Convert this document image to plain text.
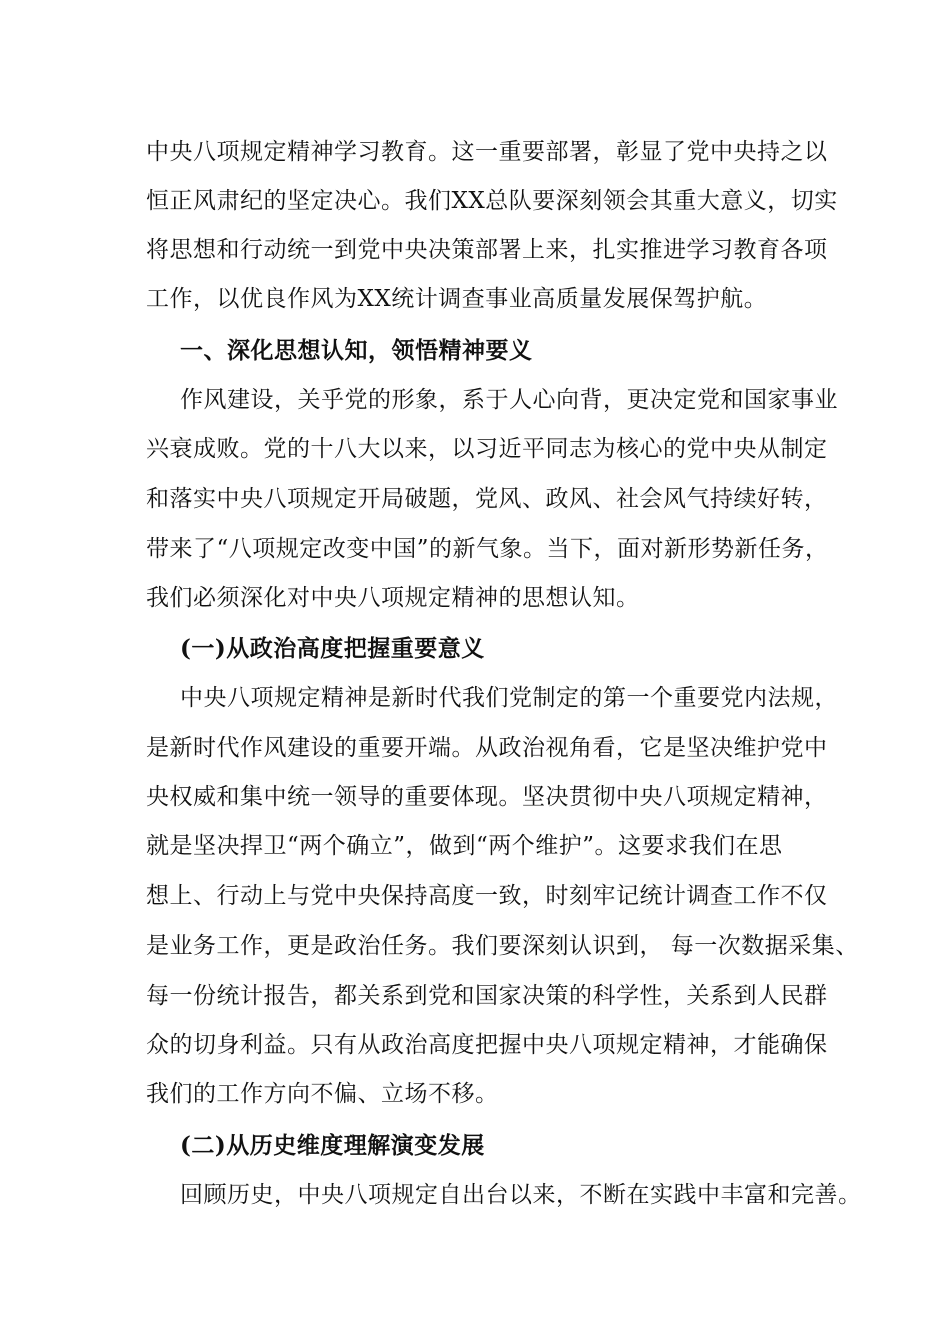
中央八项规定精神学习教育。这一重要部署，彰显了党中央持之以
恒正风肃纪的坚定决心。我们XX总队要深刻领会其重大意义，切实
将思想和行动统一到党中央决策部署上来，扎实推进学习教育各项
工作，以优良作风为XX统计调查事业高质量发展保驾护航。
一、深化思想认知，领悟精神要义
作风建设，关乎党的形象，系于人心向背，更决定党和国家事业
兴衰成败。党的十八大以来，以习近平同志为核心的党中央从制定
和落实中央八项规定开局破题，党风、政风、社会风气持续好转，
带来了“八项规定改变中国”的新气象。当下，面对新形势新任务，
我们必须深化对中央八项规定精神的思想认知。
(一)从政治高度把握重要意义
中央八项规定精神是新时代我们党制定的第一个重要党内法规，
是新时代作风建设的重要开端。从政治视角看，它是坚决维护党中
央权威和集中统一领导的重要体现。坚决贯彻中央八项规定精神，
就是坚决捍卫“两个确立”，做到“两个维护”。这要求我们在思
想上、行动上与党中央保持高度一致，时刻牢记统计调查工作不仅
是业务工作，更是政治任务。我们要深刻认识到， 每一次数据采集、
每一份统计报告，都关系到党和国家决策的科学性，关系到人民群
众的切身利益。只有从政治高度把握中央八项规定精神，才能确保
我们的工作方向不偏、立场不移。
(二)从历史维度理解演变发展
回顾历史，中央八项规定自出台以来，不断在实践中丰富和完善。
